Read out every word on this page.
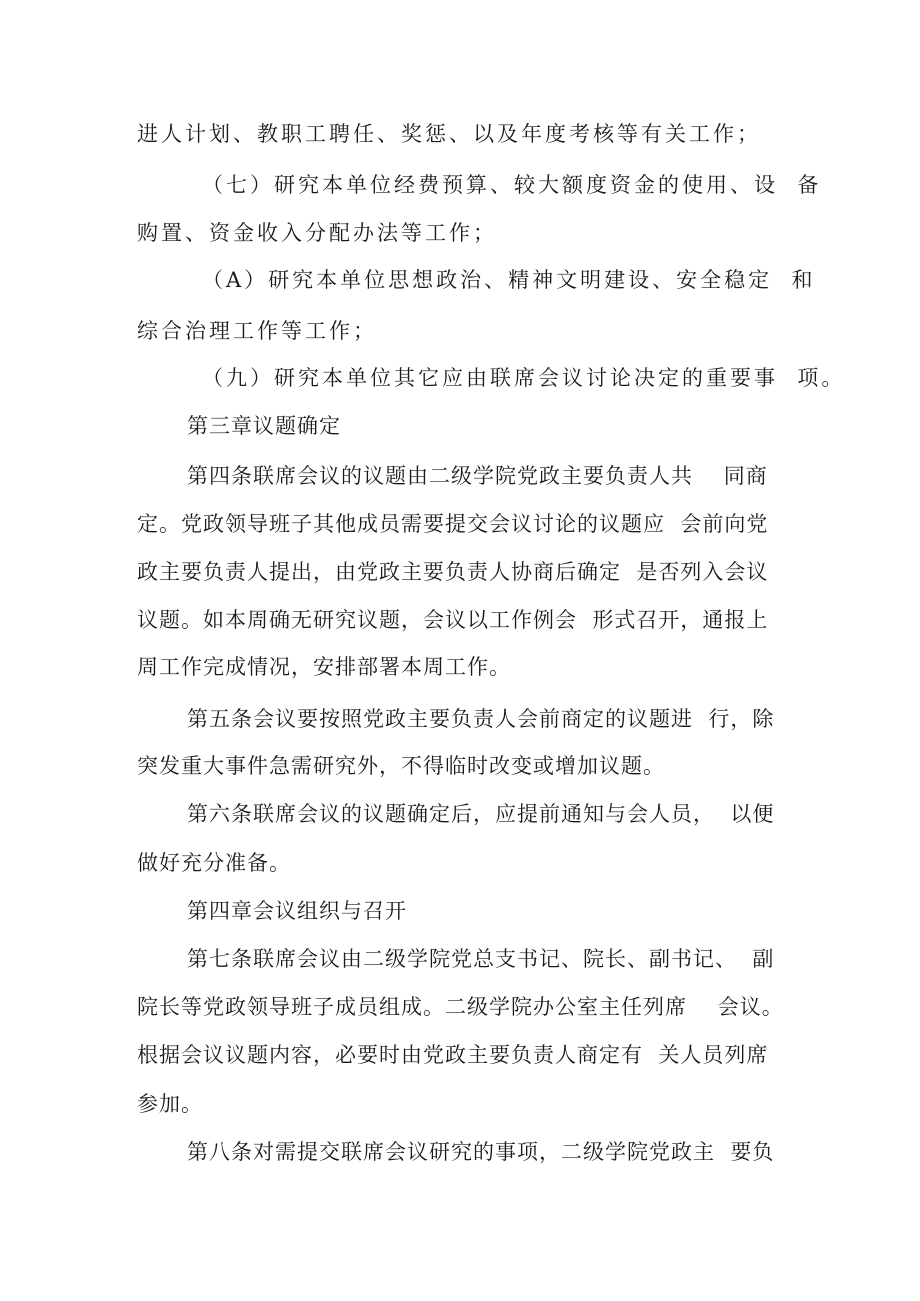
进人计划、教职工聘任、奖惩、以及年度考核等有关工作；
（七）研究本单位经费预算、较大额度资金的使用、设  备
购置、资金收入分配办法等工作；
（A）研究本单位思想政治、精神文明建设、安全稳定  和
综合治理工作等工作；
（九）研究本单位其它应由联席会议讨论决定的重要事  项。
第三章议题确定
第四条联席会议的议题由二级学院党政主要负责人共    同商
定。党政领导班子其他成员需要提交会议讨论的议题应  会前向党
政主要负责人提出，由党政主要负责人协商后确定  是否列入会议
议题。如本周确无研究议题，会议以工作例会  形式召开，通报上
周工作完成情况，安排部署本周工作。
第五条会议要按照党政主要负责人会前商定的议题进  行，除
突发重大事件急需研究外，不得临时改变或增加议题。
第六条联席会议的议题确定后，应提前通知与会人员，  以便
做好充分准备。
第四章会议组织与召开
第七条联席会议由二级学院党总支书记、院长、副书记、  副
院长等党政领导班子成员组成。二级学院办公室主任列席    会议。
根据会议议题内容，必要时由党政主要负责人商定有  关人员列席
参加。
第八条对需提交联席会议研究的事项，二级学院党政主  要负
